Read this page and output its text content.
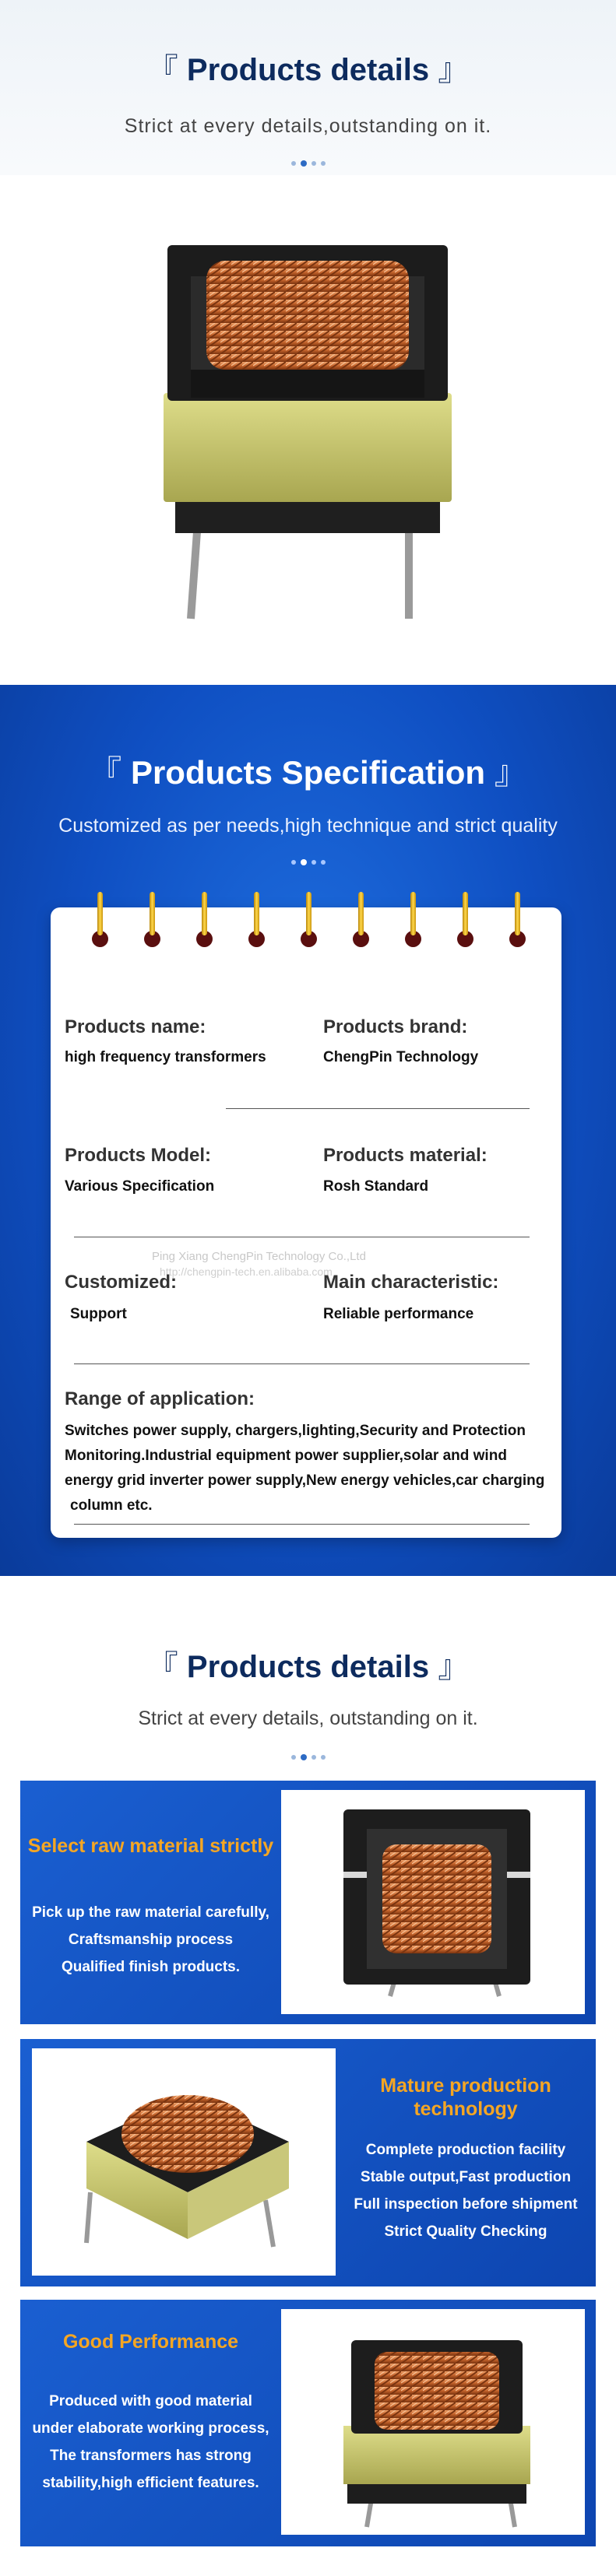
『 Products details 』
Strict at every details,outstanding on it.
『 Products Specification 』
Customized as per needs,high technique and strict quality
Products name:
high frequency transformers
Products brand:
ChengPin Technology
Products Model:
Various Specification
Products material:
Rosh Standard
Ping Xiang ChengPin Technology Co.,Ltd
http://chengpin-tech.en.alibaba.com
Customized:
Support
Main characteristic:
Reliable performance
Range of application:
Switches power supply, chargers,lighting,Security and Protection
Monitoring.Industrial equipment power supplier,solar and wind
energy grid inverter power supply,New energy vehicles,car charging
column etc.
『 Products details 』
Strict at every details, outstanding on it.
Select raw material strictly
Pick up the raw material carefully,
Craftsmanship process
Qualified finish products.
Mature production
technology
Complete production facility
Stable output,Fast production
Full inspection before shipment
Strict Quality Checking
Good Performance
Produced with good material
under elaborate working process,
The transformers has strong
stability,high efficient features.
